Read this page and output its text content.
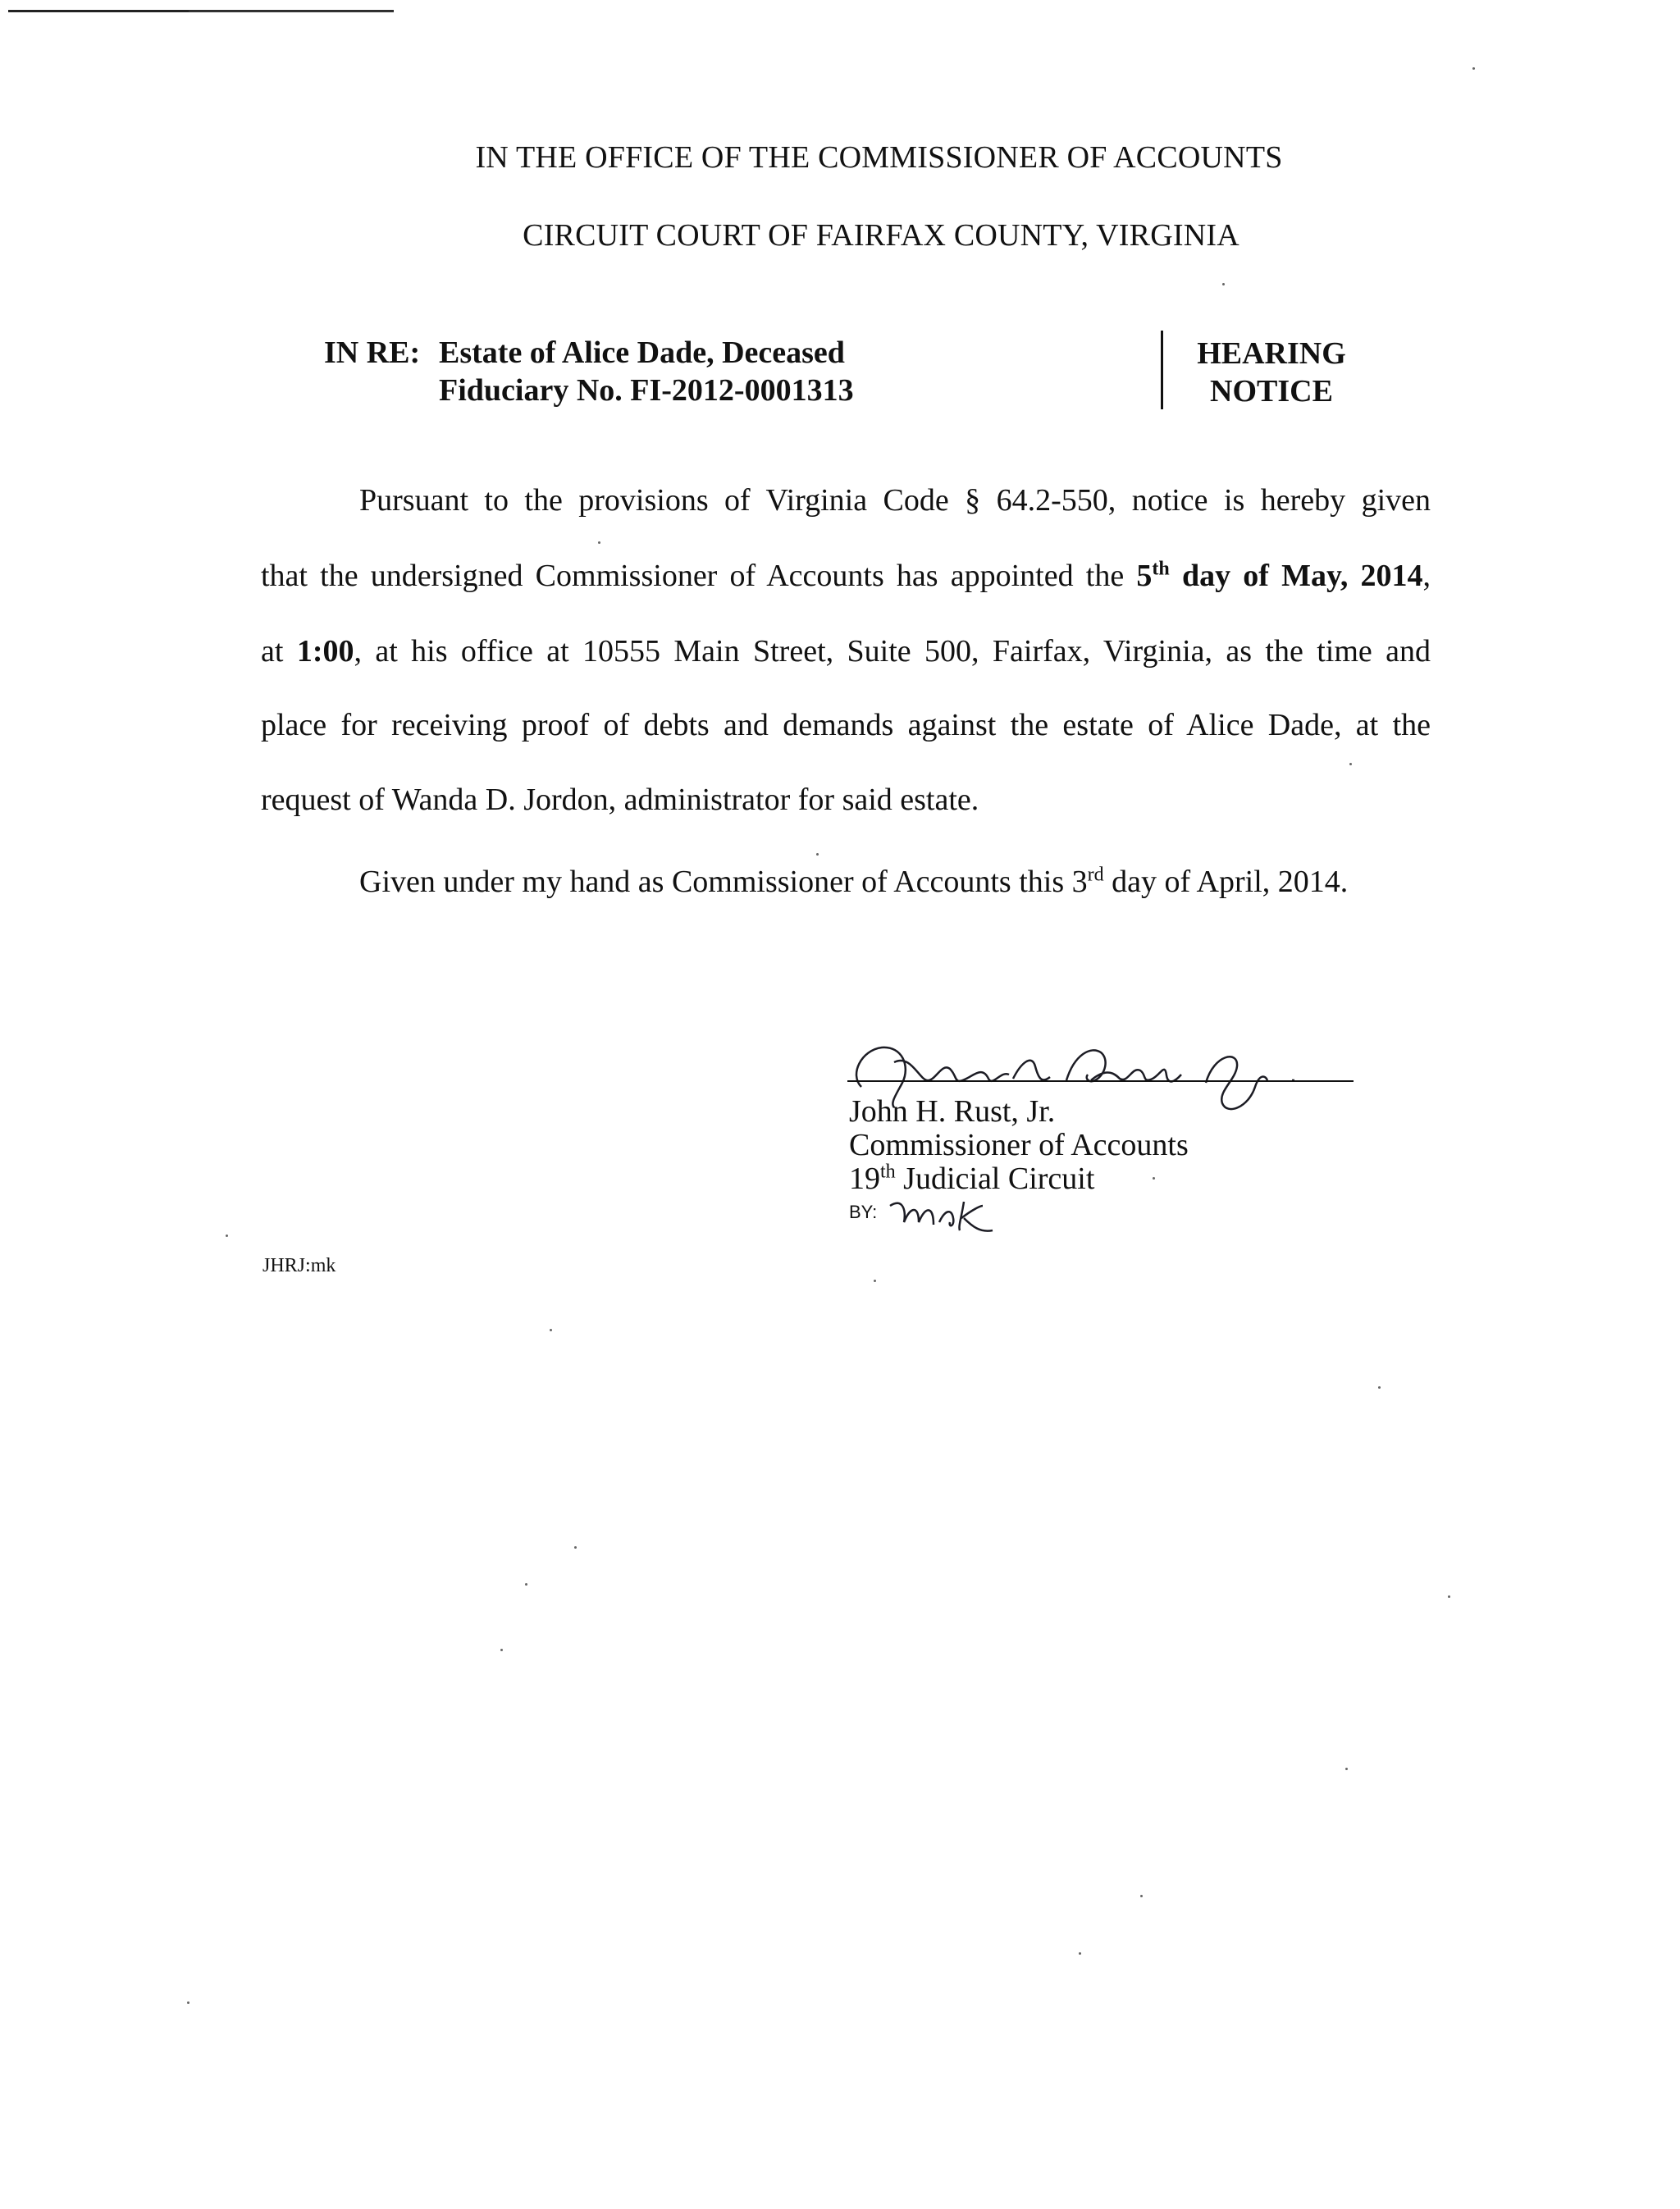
IN THE OFFICE OF THE COMMISSIONER OF ACCOUNTS
CIRCUIT COURT OF FAIRFAX COUNTY, VIRGINIA
IN RE: Estate of Alice Dade, Deceased
Fiduciary No. FI-2012-0001313
HEARING
NOTICE
Pursuant to the provisions of Virginia Code § 64.2-550, notice is hereby given
that the undersigned Commissioner of Accounts has appointed the 5th day of May, 2014,
at 1:00, at his office at 10555 Main Street, Suite 500, Fairfax, Virginia, as the time and
place for receiving proof of debts and demands against the estate of Alice Dade, at the
request of Wanda D. Jordon, administrator for said estate.
Given under my hand as Commissioner of Accounts this 3rd day of April, 2014.
John H. Rust, Jr.
Commissioner of Accounts
19th Judicial Circuit
BY:
JHRJ:mk
